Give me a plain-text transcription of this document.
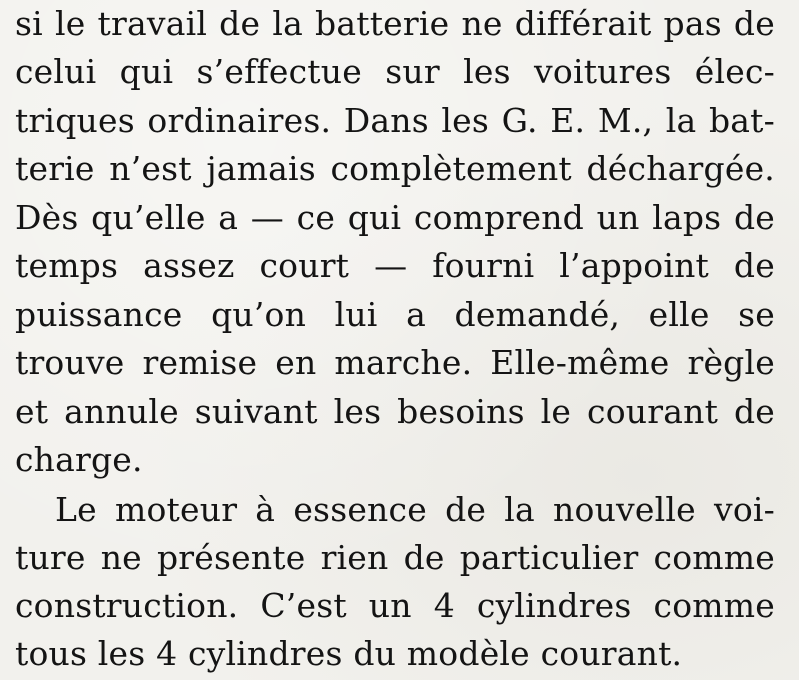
si le travail de la batterie ne différait pas de
celui qui s’effectue sur les voitures élec-
triques ordinaires. Dans les G. E. M., la bat-
terie n’est jamais complètement déchargée.
Dès qu’elle a — ce qui comprend un laps de
temps assez court — fourni l’appoint de
puissance qu’on lui a demandé, elle se
trouve remise en marche. Elle-même règle
et annule suivant les besoins le courant de
charge.
Le moteur à essence de la nouvelle voi-
ture ne présente rien de particulier comme
construction. C’est un 4 cylindres comme
tous les 4 cylindres du modèle courant.
